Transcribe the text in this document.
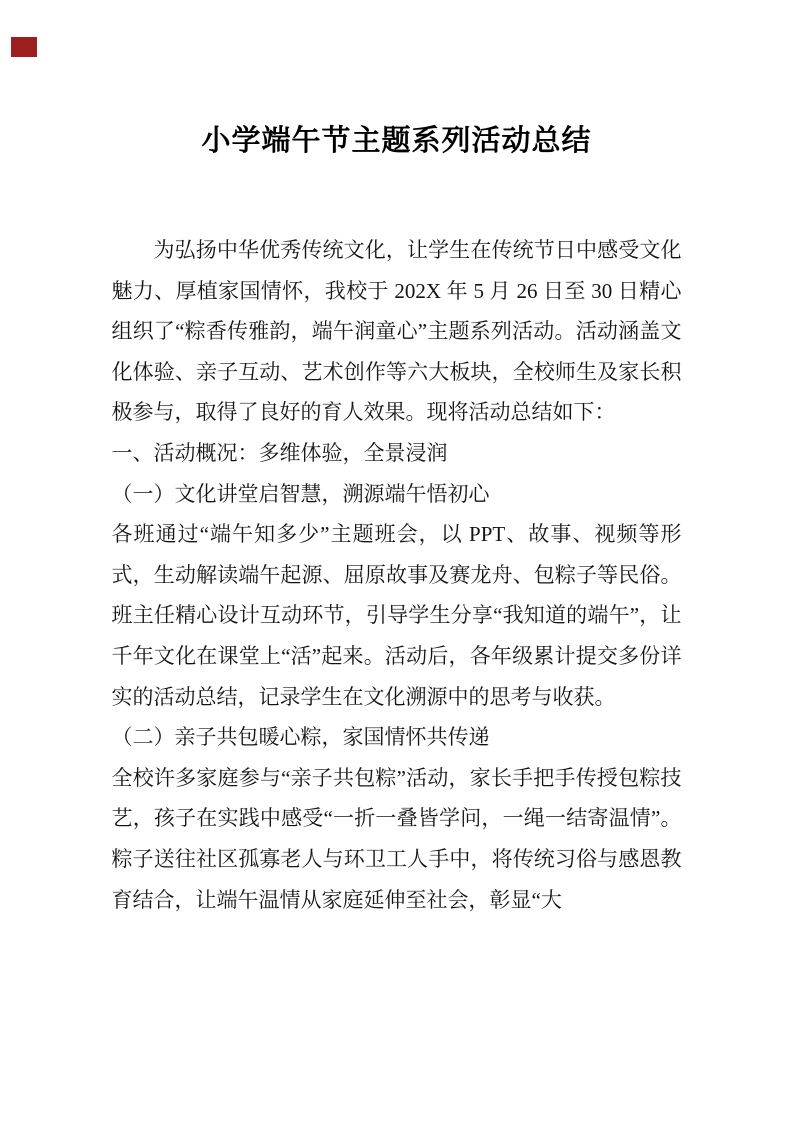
小学端午节主题系列活动总结

为弘扬中华优秀传统文化，让学生在传统节日中感受文化魅力、厚植家国情怀，我校于 202X 年 5 月 26 日至 30 日精心组织了“粽香传雅韵，端午润童心”主题系列活动。活动涵盖文化体验、亲子互动、艺术创作等六大板块，全校师生及家长积极参与，取得了良好的育人效果。现将活动总结如下：

一、活动概况：多维体验，全景浸润

（一）文化讲堂启智慧，溯源端午悟初心

各班通过“端午知多少”主题班会，以 PPT、故事、视频等形式，生动解读端午起源、屈原故事及赛龙舟、包粽子等民俗。班主任精心设计互动环节，引导学生分享“我知道的端午”，让千年文化在课堂上“活”起来。活动后，各年级累计提交多份详实的活动总结，记录学生在文化溯源中的思考与收获。

（二）亲子共包暖心粽，家国情怀共传递

全校许多家庭参与“亲子共包粽”活动，家长手把手传授包粽技艺，孩子在实践中感受“一折一叠皆学问，一绳一结寄温情”。粽子送往社区孤寡老人与环卫工人手中，将传统习俗与感恩教育结合，让端午温情从家庭延伸至社会，彰显“大
